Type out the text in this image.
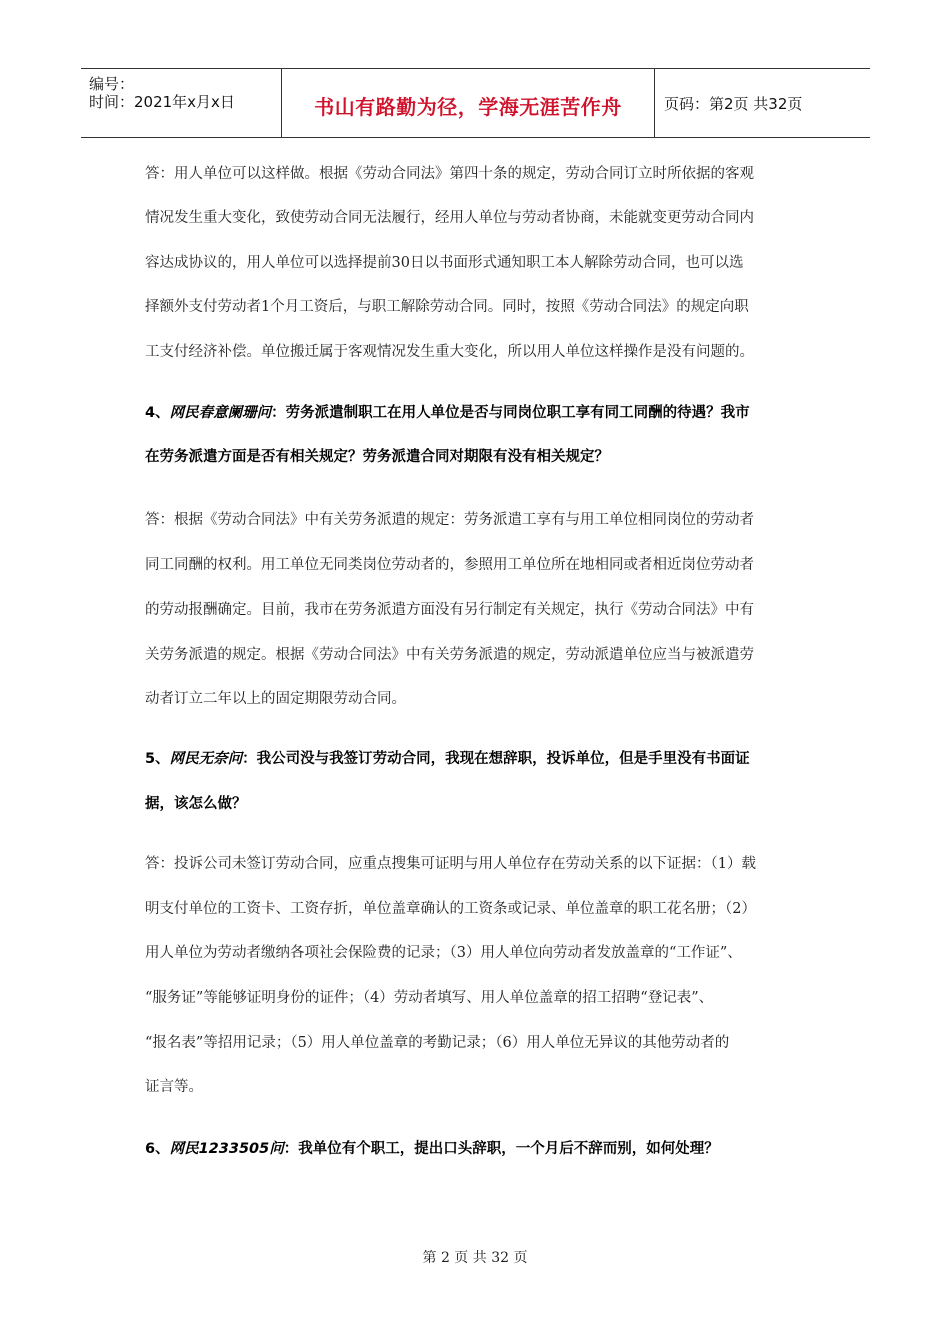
编号：
时间：2021年x月x日	书山有路勤为径，学海无涯苦作舟	页码：第2页 共32页
答：用人单位可以这样做。根据《劳动合同法》第四十条的规定，劳动合同订立时所依据的客观
情况发生重大变化，致使劳动合同无法履行，经用人单位与劳动者协商，未能就变更劳动合同内
容达成协议的，用人单位可以选择提前30日以书面形式通知职工本人解除劳动合同，也可以选
择额外支付劳动者1个月工资后，与职工解除劳动合同。同时，按照《劳动合同法》的规定向职
工支付经济补偿。单位搬迁属于客观情况发生重大变化，所以用人单位这样操作是没有问题的。
4、网民春意阑珊问：劳务派遣制职工在用人单位是否与同岗位职工享有同工同酬的待遇？我市
在劳务派遣方面是否有相关规定？劳务派遣合同对期限有没有相关规定？
答：根据《劳动合同法》中有关劳务派遣的规定：劳务派遣工享有与用工单位相同岗位的劳动者
同工同酬的权利。用工单位无同类岗位劳动者的，参照用工单位所在地相同或者相近岗位劳动者
的劳动报酬确定。目前，我市在劳务派遣方面没有另行制定有关规定，执行《劳动合同法》中有
关劳务派遣的规定。根据《劳动合同法》中有关劳务派遣的规定，劳动派遣单位应当与被派遣劳
动者订立二年以上的固定期限劳动合同。
5、网民无奈问：我公司没与我签订劳动合同，我现在想辞职，投诉单位，但是手里没有书面证
据，该怎么做？
答：投诉公司未签订劳动合同，应重点搜集可证明与用人单位存在劳动关系的以下证据：（1）载
明支付单位的工资卡、工资存折，单位盖章确认的工资条或记录、单位盖章的职工花名册；（2）
用人单位为劳动者缴纳各项社会保险费的记录；（3）用人单位向劳动者发放盖章的“工作证”、
“服务证”等能够证明身份的证件；（4）劳动者填写、用人单位盖章的招工招聘“登记表”、
“报名表”等招用记录；（5）用人单位盖章的考勤记录；（6）用人单位无异议的其他劳动者的
证言等。
6、网民1233505问：我单位有个职工，提出口头辞职，一个月后不辞而别，如何处理？
第 2 页 共 32 页
